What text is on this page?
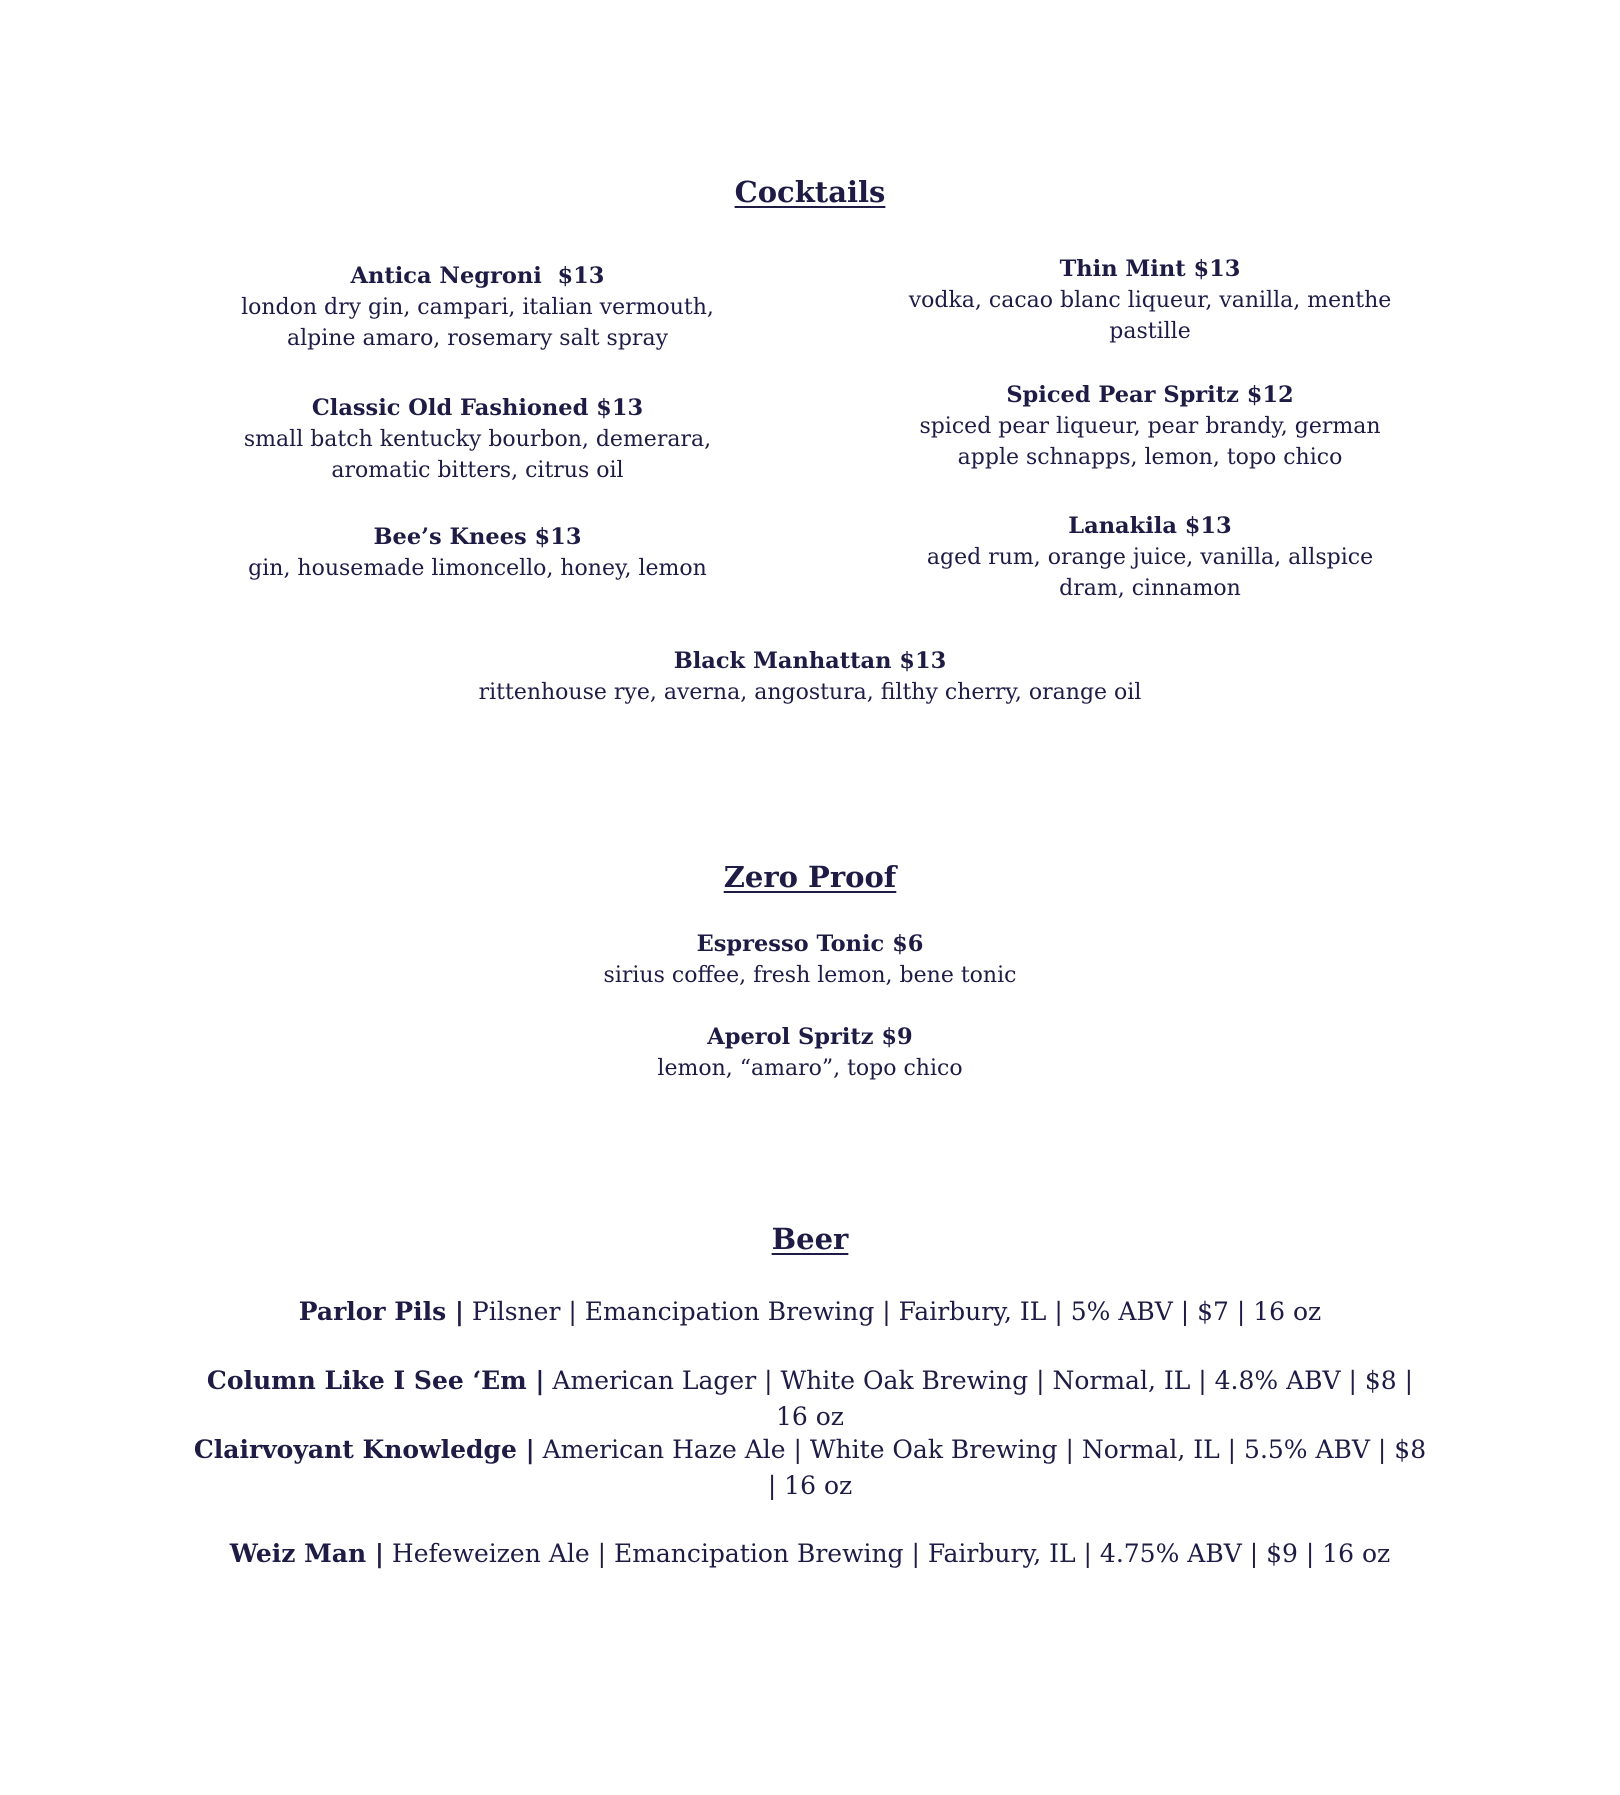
Cocktails
Antica Negroni  $13
london dry gin, campari, italian vermouth, alpine amaro, rosemary salt spray
Classic Old Fashioned $13
small batch kentucky bourbon, demerara, aromatic bitters, citrus oil
Bee’s Knees $13
gin, housemade limoncello, honey, lemon
Thin Mint $13
vodka, cacao blanc liqueur, vanilla, menthe pastille
Spiced Pear Spritz $12
spiced pear liqueur, pear brandy, german apple schnapps, lemon, topo chico
Lanakila $13
aged rum, orange juice, vanilla, allspice dram, cinnamon
Black Manhattan $13
rittenhouse rye, averna, angostura, filthy cherry, orange oil
Zero Proof
Espresso Tonic $6
sirius coffee, fresh lemon, bene tonic
Aperol Spritz $9
lemon, “amaro”, topo chico
Beer
Parlor Pils | Pilsner | Emancipation Brewing | Fairbury, IL | 5% ABV | $7 | 16 oz
Column Like I See ‘Em | American Lager | White Oak Brewing | Normal, IL | 4.8% ABV | $8 | 16 oz
Clairvoyant Knowledge | American Haze Ale | White Oak Brewing | Normal, IL | 5.5% ABV | $8 | 16 oz
Weiz Man | Hefeweizen Ale | Emancipation Brewing | Fairbury, IL | 4.75% ABV | $9 | 16 oz
